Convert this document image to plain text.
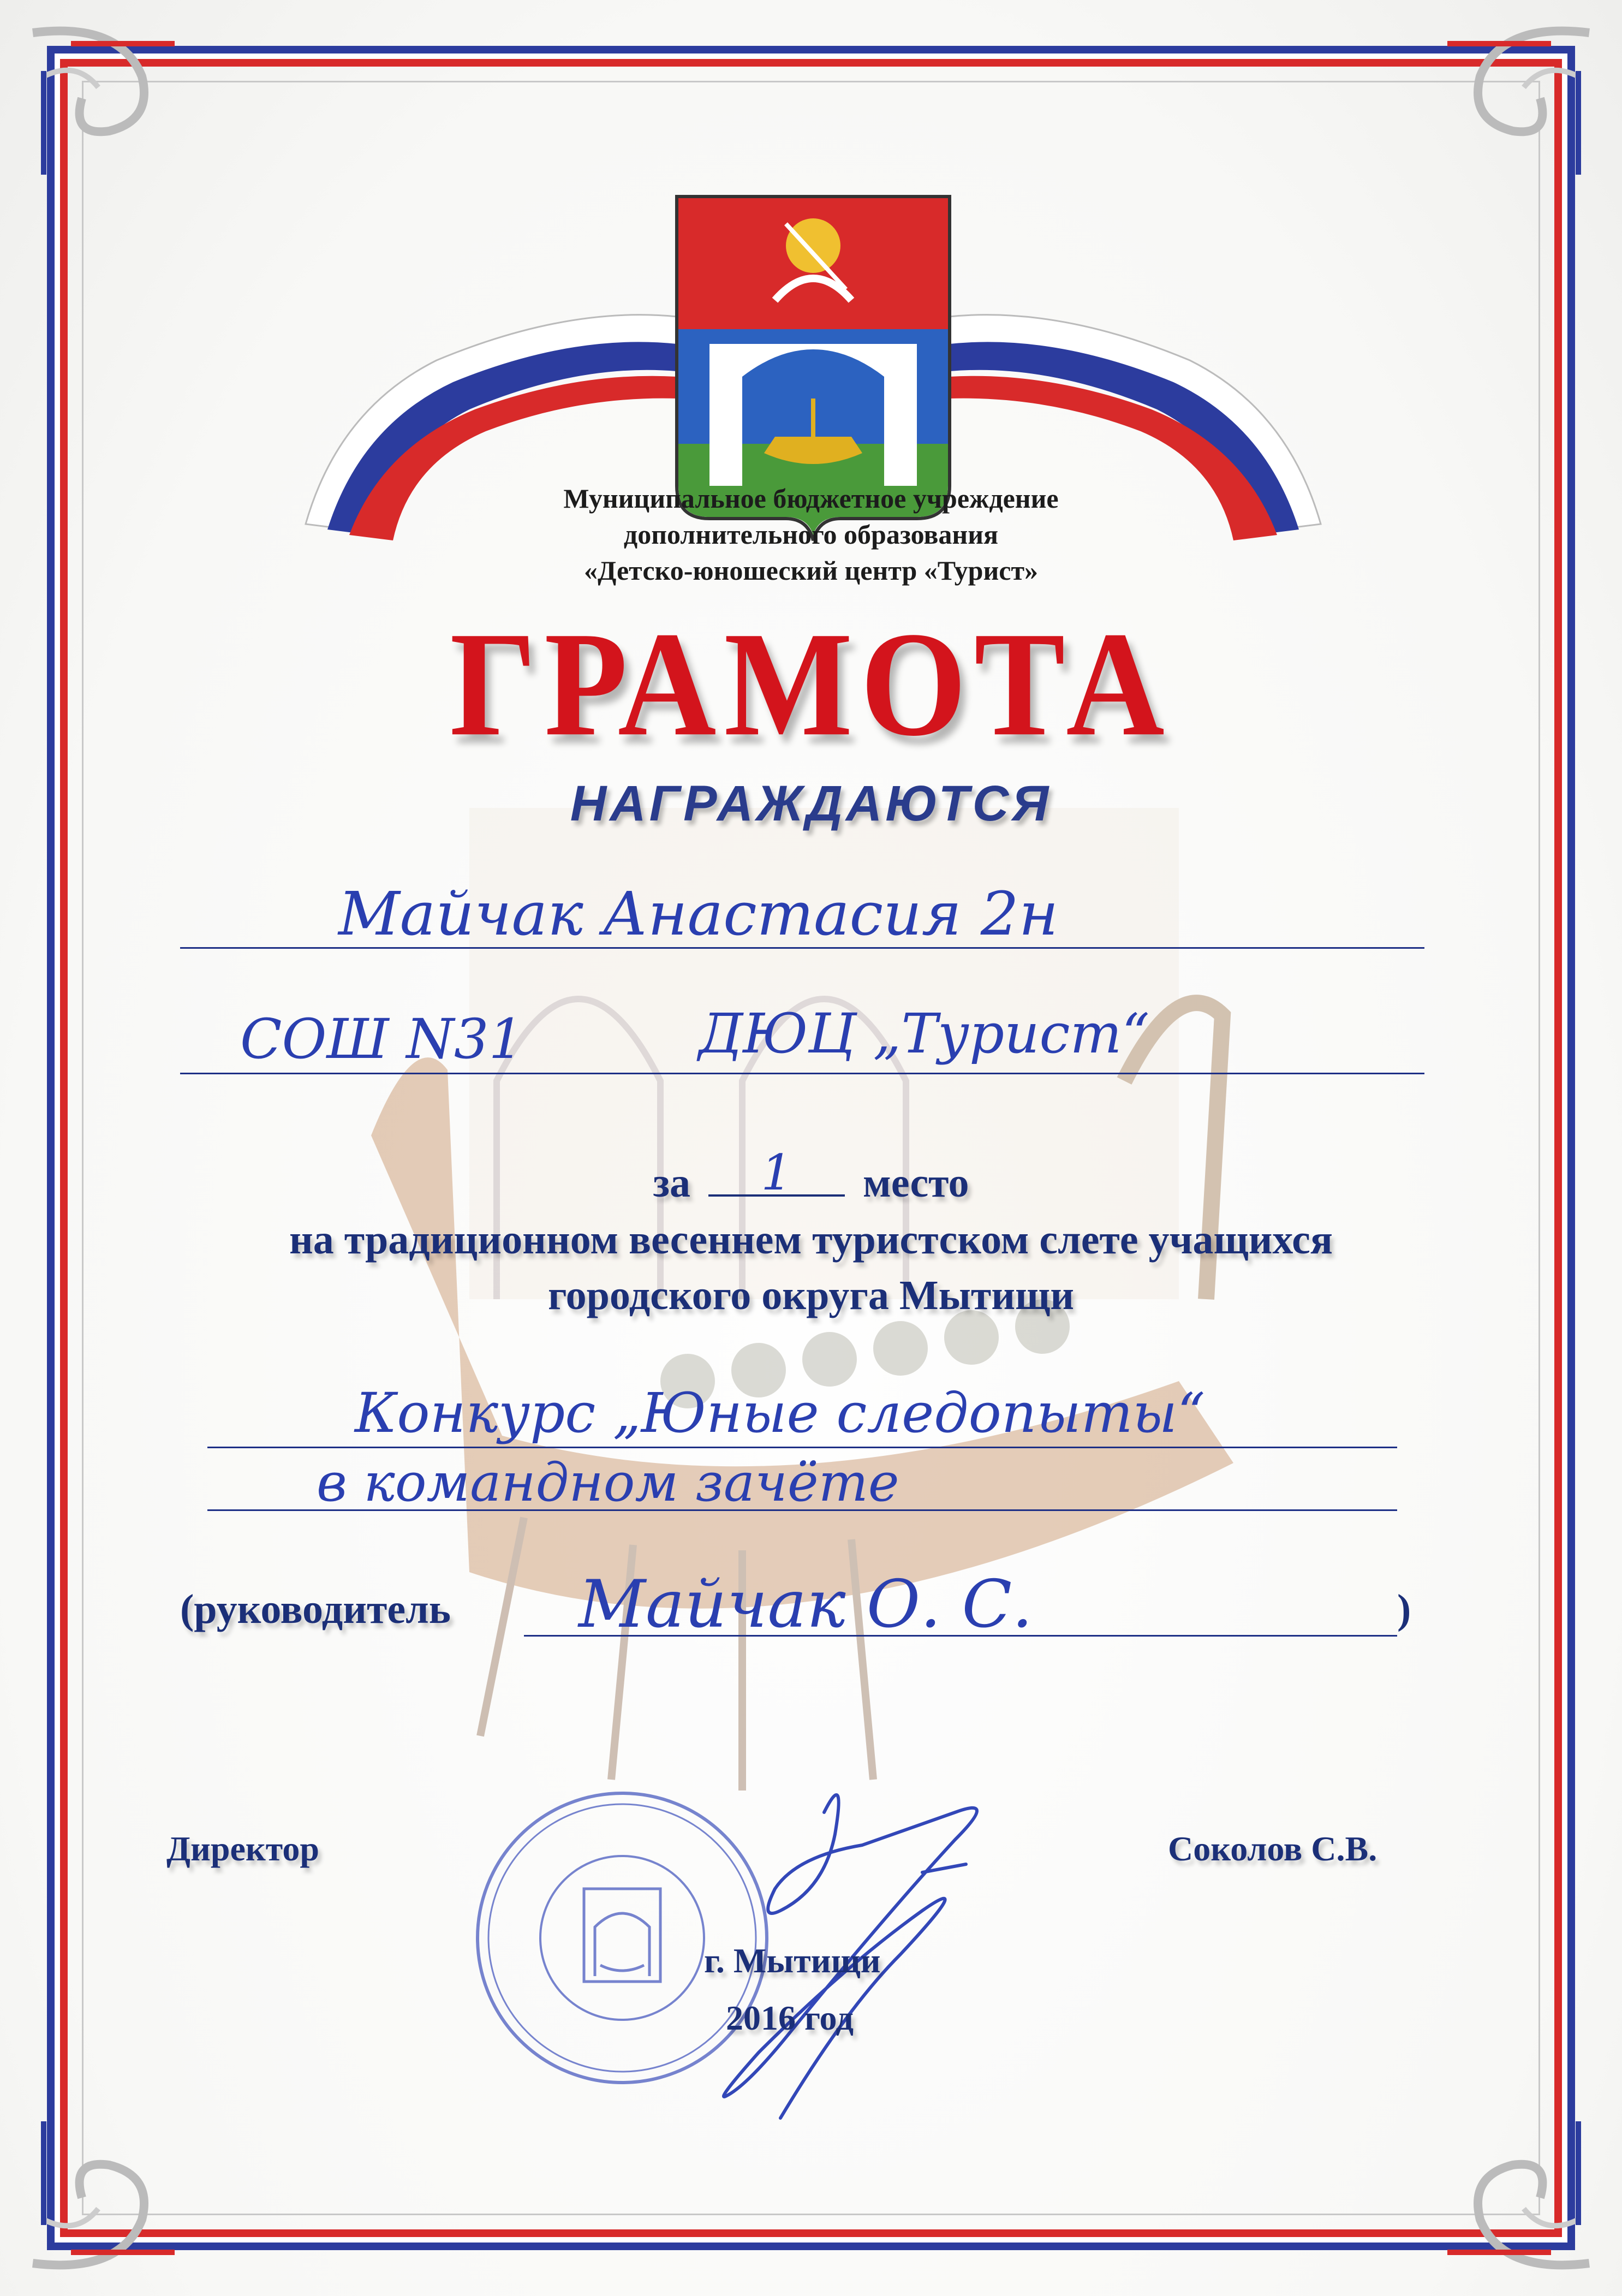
Муниципальное бюджетное учреждение
дополнительного образования
«Детско-юношеский центр «Турист»
ГРАМОТА
НАГРАЖДАЮТСЯ
Майчак Анастасия 2н
СОШ N31	ДЮЦ „Турист“
за	1	место
на традиционном весеннем туристском слете учащихся
городского округа Мытищи
Конкурс „Юные следопыты“
в командном зачёте
(руководитель Майчак О. С.	)
Директор	Соколов С.В.
г. Мытищи
2016 год
